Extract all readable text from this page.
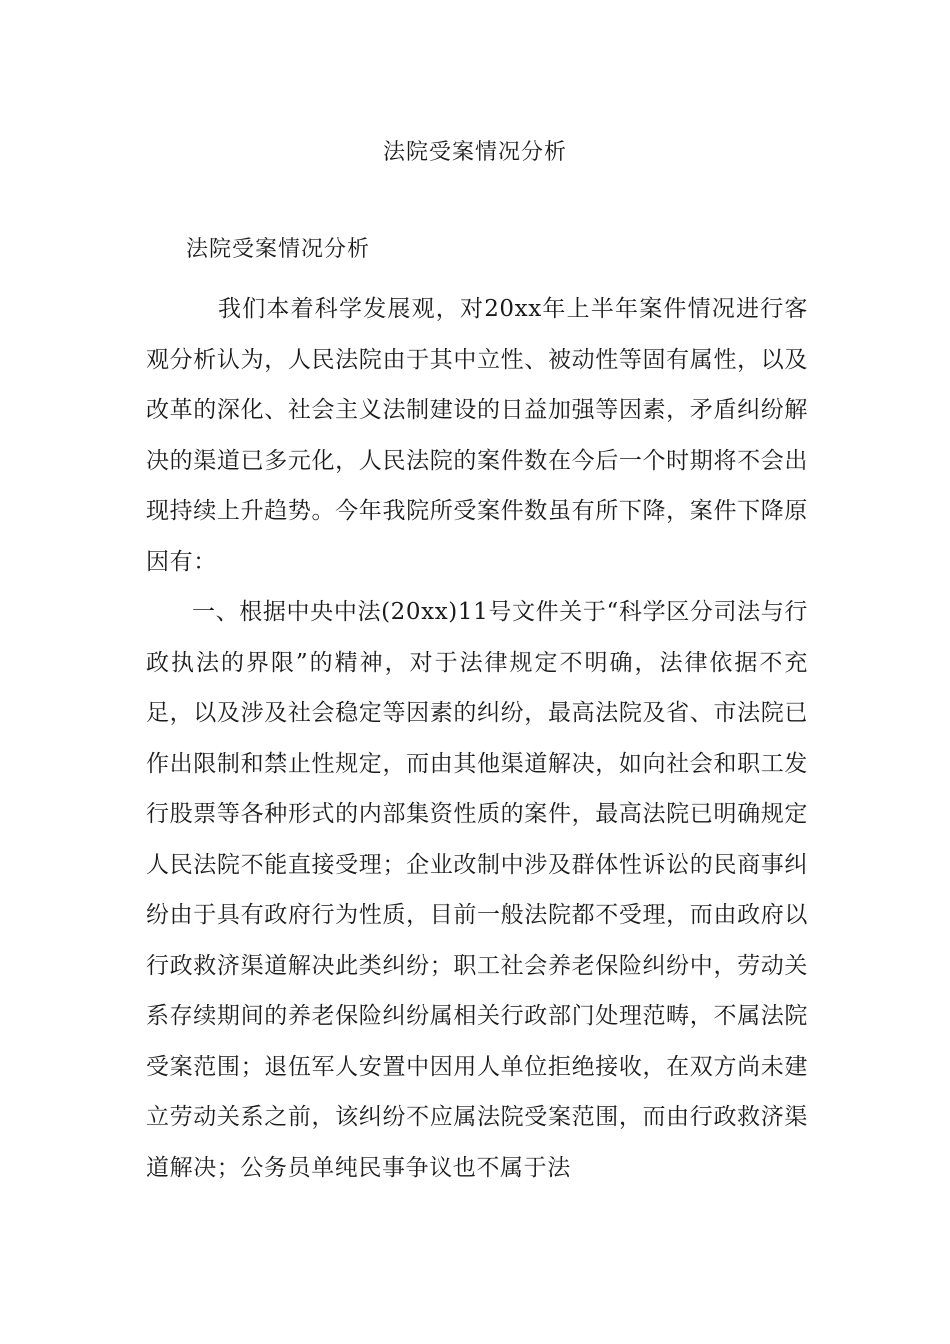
法院受案情况分析
法院受案情况分析

我们本着科学发展观，对20xx年上半年案件情况进行客观分析认为，人民法院由于其中立性、被动性等固有属性，以及改革的深化、社会主义法制建设的日益加强等因素，矛盾纠纷解决的渠道已多元化，人民法院的案件数在今后一个时期将不会出现持续上升趋势。今年我院所受案件数虽有所下降，案件下降原因有：

一、根据中央中法(20xx)11号文件关于“科学区分司法与行政执法的界限”的精神，对于法律规定不明确，法律依据不充足，以及涉及社会稳定等因素的纠纷，最高法院及省、市法院已作出限制和禁止性规定，而由其他渠道解决，如向社会和职工发行股票等各种形式的内部集资性质的案件，最高法院已明确规定人民法院不能直接受理；企业改制中涉及群体性诉讼的民商事纠纷由于具有政府行为性质，目前一般法院都不受理，而由政府以行政救济渠道解决此类纠纷；职工社会养老保险纠纷中，劳动关系存续期间的养老保险纠纷属相关行政部门处理范畴，不属法院受案范围；退伍军人安置中因用人单位拒绝接收，在双方尚未建立劳动关系之前，该纠纷不应属法院受案范围，而由行政救济渠道解决；公务员单纯民事争议也不属于法
